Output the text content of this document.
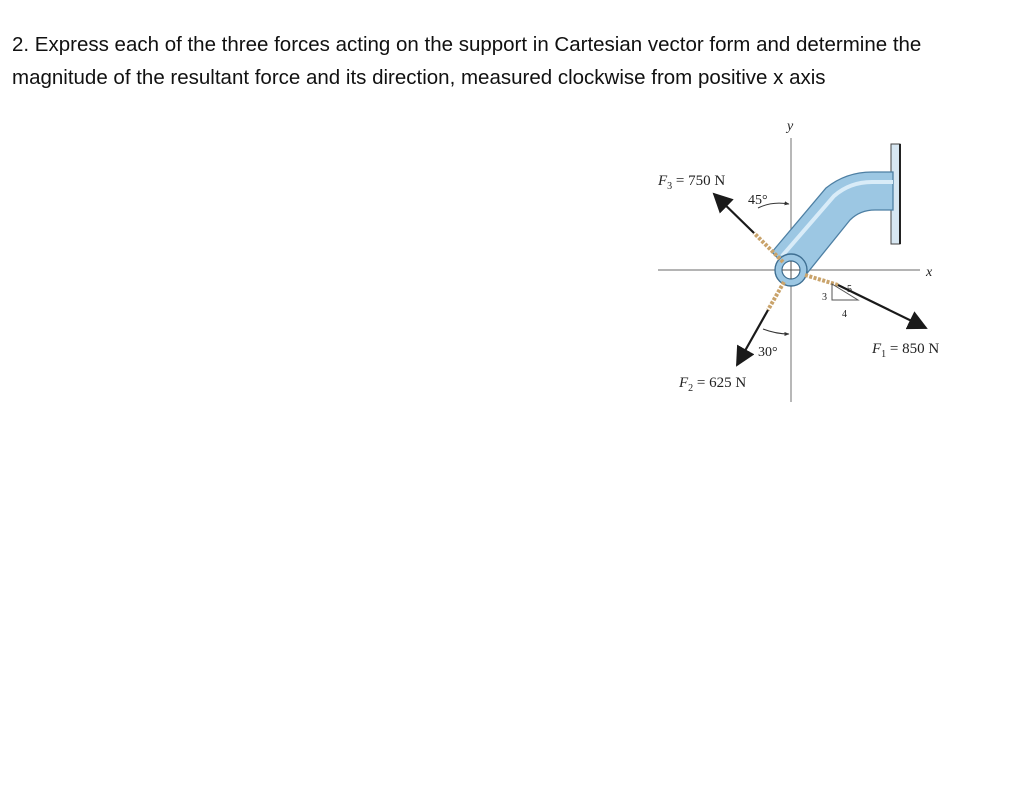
2. Express each of the three forces acting on the support in Cartesian vector form and determine the magnitude of the resultant force and its direction, measured clockwise from positive x axis

x
y
3
4
5
$F_3 = 750$ N
45°
30°
$F_2 = 625$ N
$F_1 = 850$ N
